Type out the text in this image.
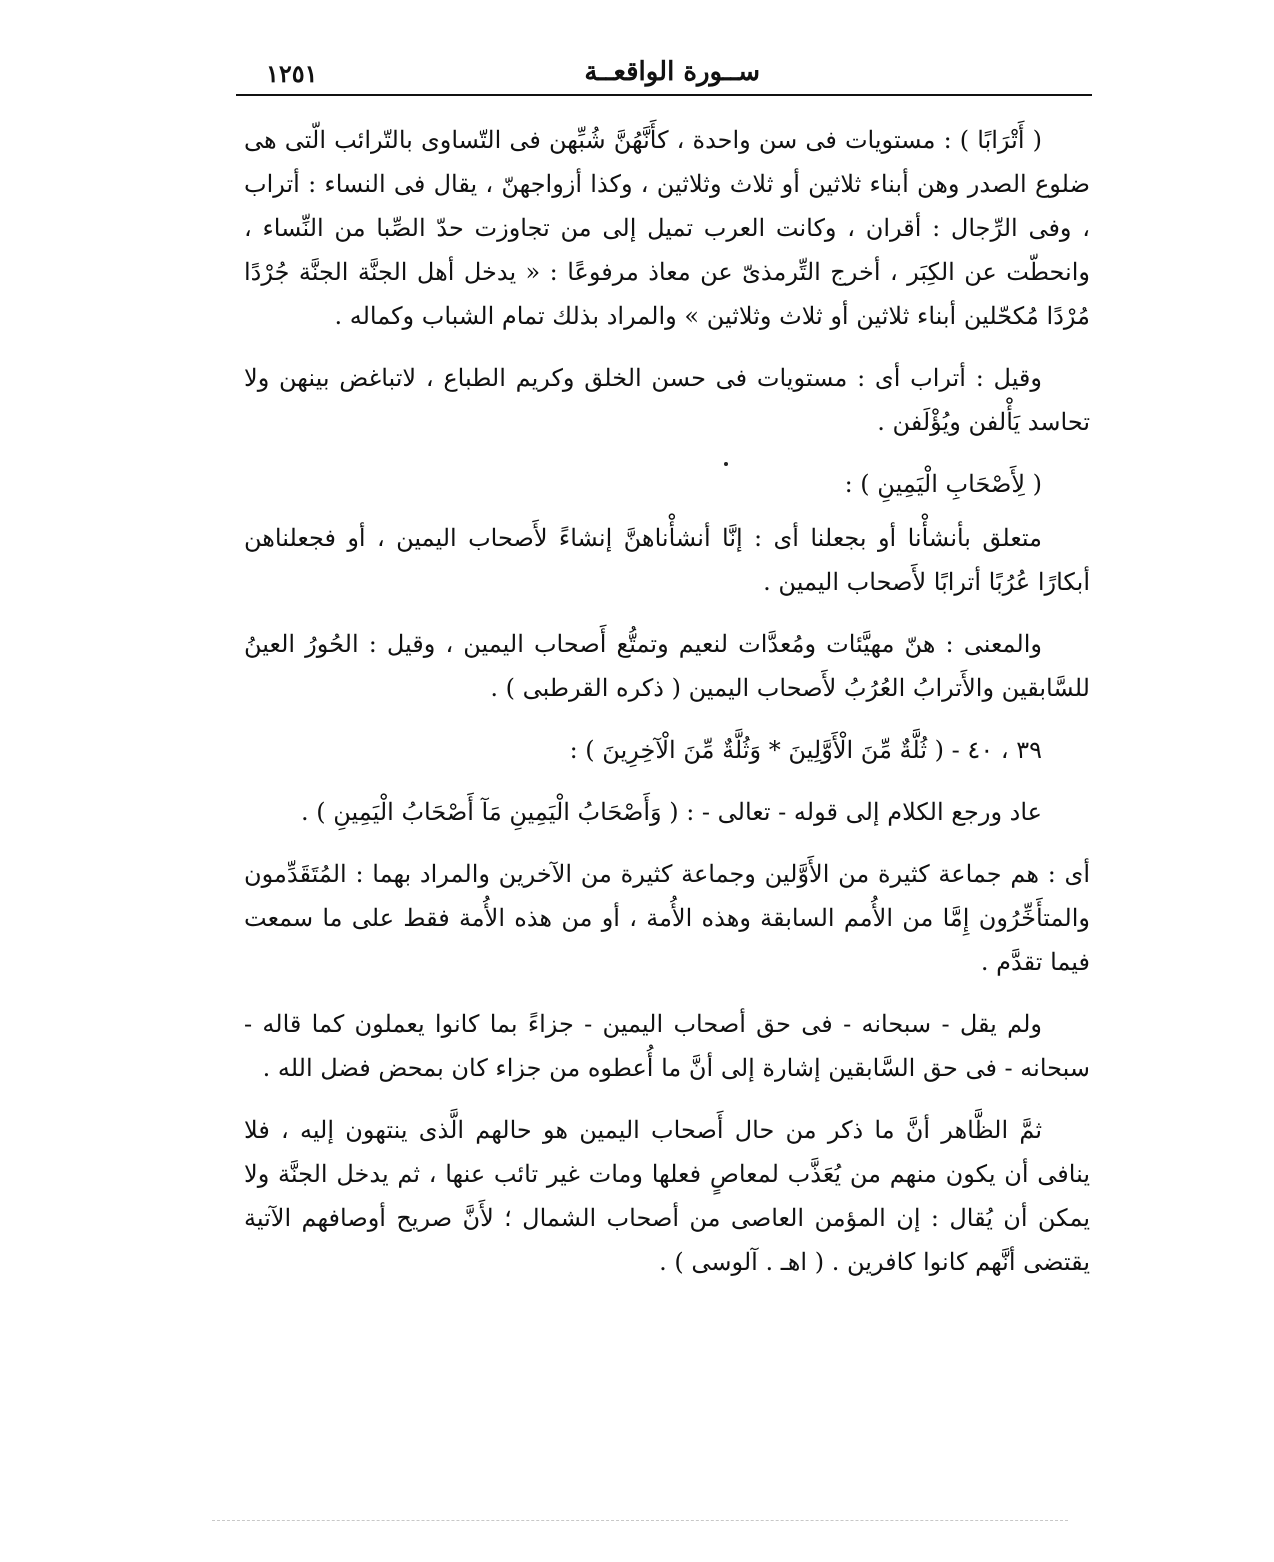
ســورة الواقعــة
١٢٥١

( أَتْرَابًا ) : مستويات فى سن واحدة ، كأَنَّهُنَّ شُبِّهن فى التّساوى بالتّرائب الّتى هى ضلوع الصدر وهن أبناء ثلاثين أو ثلاث وثلاثين ، وكذا أزواجهنّ ، يقال فى النساء : أتراب ، وفى الرِّجال : أقران ، وكانت العرب تميل إلى من تجاوزت حدّ الصِّبا من النِّساء ، وانحطّت عن الكِبَر ، أخرج التِّرمذىّ عن معاذ مرفوعًا : « يدخل أهل الجنَّة الجنَّة جُرْدًا مُرْدًا مُكحّلين أبناء ثلاثين أو ثلاث وثلاثين » والمراد بذلك تمام الشباب وكماله .

وقيل : أتراب أى : مستويات فى حسن الخلق وكريم الطباع ، لاتباغض بينهن ولا تحاسد يَأْلفن ويُؤْلَفن .

( لِأَصْحَابِ الْيَمِينِ ) :

متعلق بأنشأْنا أو بجعلنا أى : إنَّا أنشأْناهنَّ إنشاءً لأَصحاب اليمين ، أو فجعلناهن أبكارًا عُرُبًا أترابًا لأَصحاب اليمين .

والمعنى : هنّ مهيَّئات ومُعدَّات لنعيم وتمتُّع أَصحاب اليمين ، وقيل : الحُورُ العينُ للسَّابقين والأَترابُ العُرُبُ لأَصحاب اليمين ( ذكره القرطبى ) .

٣٩ ، ٤٠ - ( ثُلَّةٌ مِّنَ الْأَوَّلِينَ * وَثُلَّةٌ مِّنَ الْآخِرِينَ ) :

عاد ورجع الكلام إلى قوله - تعالى - : ( وَأَصْحَابُ الْيَمِينِ مَآ أَصْحَابُ الْيَمِينِ ) .

أى : هم جماعة كثيرة من الأَوَّلين وجماعة كثيرة من الآخرين والمراد بهما : المُتَقَدِّمون والمتأَخِّرُون إِمَّا من الأُمم السابقة وهذه الأُمة ، أو من هذه الأُمة فقط على ما سمعت فيما تقدَّم .

ولم يقل - سبحانه - فى حق أصحاب اليمين - جزاءً بما كانوا يعملون كما قاله - سبحانه - فى حق السَّابقين إشارة إلى أنَّ ما أُعطوه من جزاء كان بمحض فضل الله .

ثمَّ الظَّاهر أنَّ ما ذكر من حال أَصحاب اليمين هو حالهم الَّذى ينتهون إليه ، فلا ينافى أن يكون منهم من يُعَذَّب لمعاصٍ فعلها ومات غير تائب عنها ، ثم يدخل الجنَّة ولا يمكن أن يُقال : إن المؤمن العاصى من أصحاب الشمال ؛ لأَنَّ صريح أوصافهم الآتية يقتضى أنَّهم كانوا كافرين . ( اهـ . آلوسى ) .
